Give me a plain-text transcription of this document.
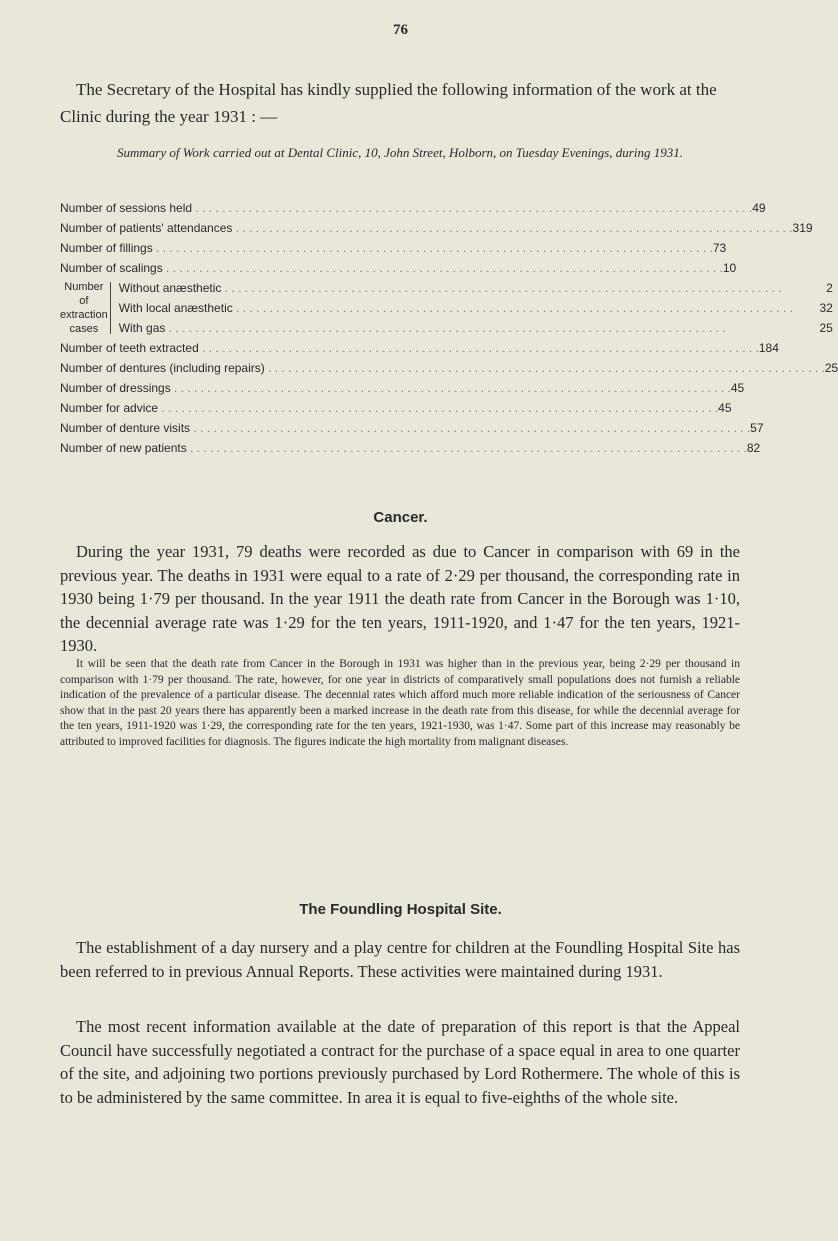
76
The Secretary of the Hospital has kindly supplied the following information of the work at the Clinic during the year 1931 : —
Summary of Work carried out at Dental Clinic, 10, John Street, Holborn, on Tuesday Evenings, during 1931.
Number of sessions held . . .	49
Number of patients' attendances . . .	319
Number of fillings . . .	73
Number of scalings . . .	10
Number of extraction cases
Without anæsthetic . . .	2
With local anæsthetic . . .	32
With gas . . .	25
Number of teeth extracted . . .	184
Number of dentures (including repairs) . . .	25
Number of dressings . . .	45
Number for advice . . .	45
Number of denture visits . . .	57
Number of new patients . . .	82
Cancer.
During the year 1931, 79 deaths were recorded as due to Cancer in comparison with 69 in the previous year. The deaths in 1931 were equal to a rate of 2·29 per thousand, the corresponding rate in 1930 being 1·79 per thousand. In the year 1911 the death rate from Cancer in the Borough was 1·10, the decennial average rate was 1·29 for the ten years, 1911-1920, and 1·47 for the ten years, 1921-1930.
It will be seen that the death rate from Cancer in the Borough in 1931 was higher than in the previous year, being 2·29 per thousand in comparison with 1·79 per thousand. The rate, however, for one year in districts of comparatively small populations does not furnish a reliable indication of the prevalence of a particular disease. The decennial rates which afford much more reliable indication of the seriousness of Cancer show that in the past 20 years there has apparently been a marked increase in the death rate from this disease, for while the decennial average for the ten years, 1911-1920 was 1·29, the corresponding rate for the ten years, 1921-1930, was 1·47. Some part of this increase may reasonably be attributed to improved facilities for diagnosis. The figures indicate the high mortality from malignant diseases.
The Foundling Hospital Site.
The establishment of a day nursery and a play centre for children at the Foundling Hospital Site has been referred to in previous Annual Reports. These activities were maintained during 1931.
The most recent information available at the date of preparation of this report is that the Appeal Council have successfully negotiated a contract for the purchase of a space equal in area to one quarter of the site, and adjoining two portions previously purchased by Lord Rothermere. The whole of this is to be administered by the same committee. In area it is equal to five-eighths of the whole site.
